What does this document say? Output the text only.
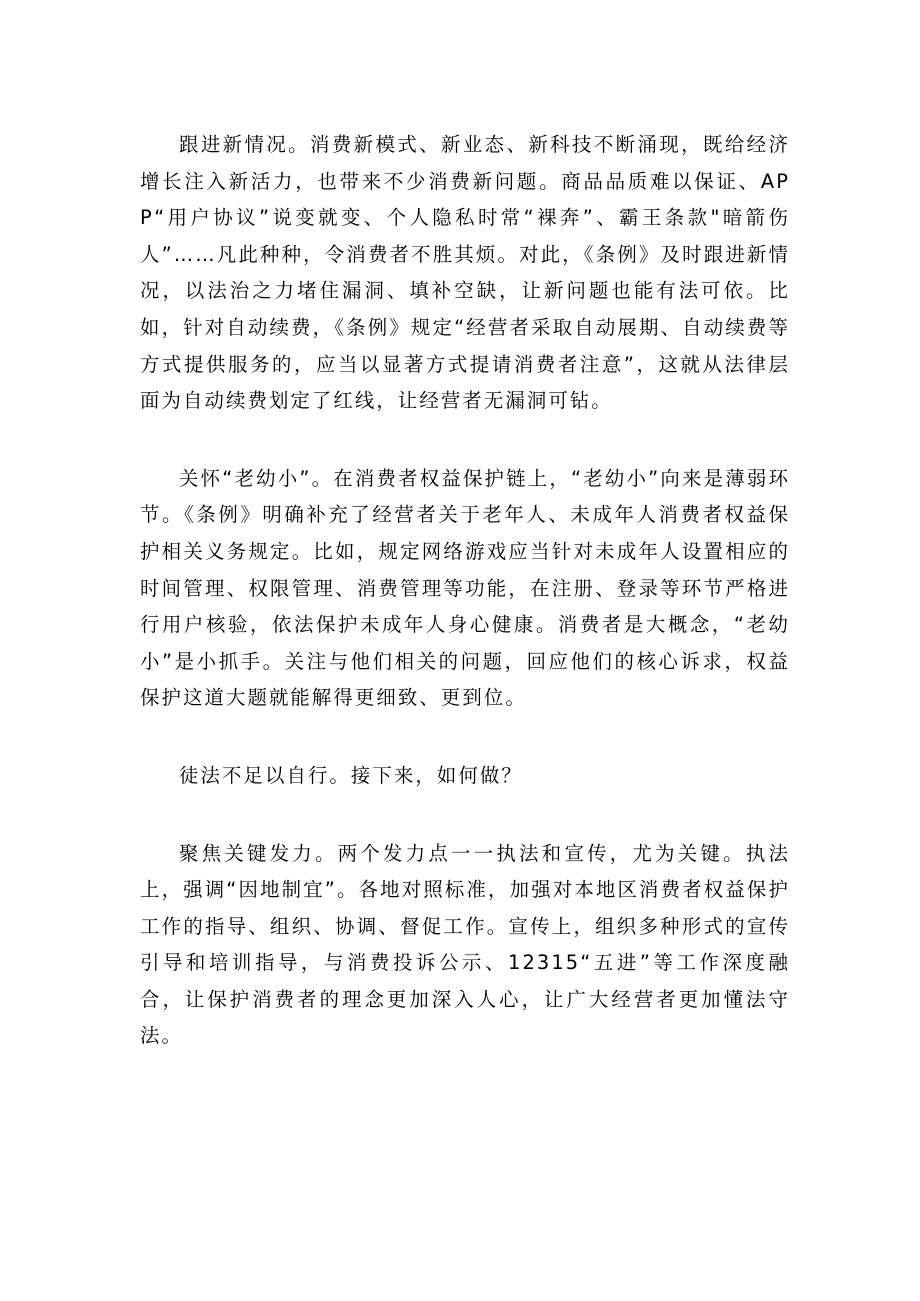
跟进新情况。消费新模式、新业态、新科技不断涌现，既给经济增长注入新活力，也带来不少消费新问题。商品品质难以保证、APP“用户协议”说变就变、个人隐私时常“裸奔”、霸王条款"暗箭伤人”……凡此种种，令消费者不胜其烦。对此，《条例》及时跟进新情况，以法治之力堵住漏洞、填补空缺，让新问题也能有法可依。比如，针对自动续费，《条例》规定“经营者采取自动展期、自动续费等方式提供服务的，应当以显著方式提请消费者注意”，这就从法律层面为自动续费划定了红线，让经营者无漏洞可钻。

关怀“老幼小”。在消费者权益保护链上，“老幼小”向来是薄弱环节。《条例》明确补充了经营者关于老年人、未成年人消费者权益保护相关义务规定。比如，规定网络游戏应当针对未成年人设置相应的时间管理、权限管理、消费管理等功能，在注册、登录等环节严格进行用户核验，依法保护未成年人身心健康。消费者是大概念，“老幼小”是小抓手。关注与他们相关的问题，回应他们的核心诉求，权益保护这道大题就能解得更细致、更到位。

徒法不足以自行。接下来，如何做？

聚焦关键发力。两个发力点一一执法和宣传，尤为关键。执法上，强调“因地制宜”。各地对照标准，加强对本地区消费者权益保护工作的指导、组织、协调、督促工作。宣传上，组织多种形式的宣传引导和培训指导，与消费投诉公示、12315“五进”等工作深度融合，让保护消费者的理念更加深入人心，让广大经营者更加懂法守法。
